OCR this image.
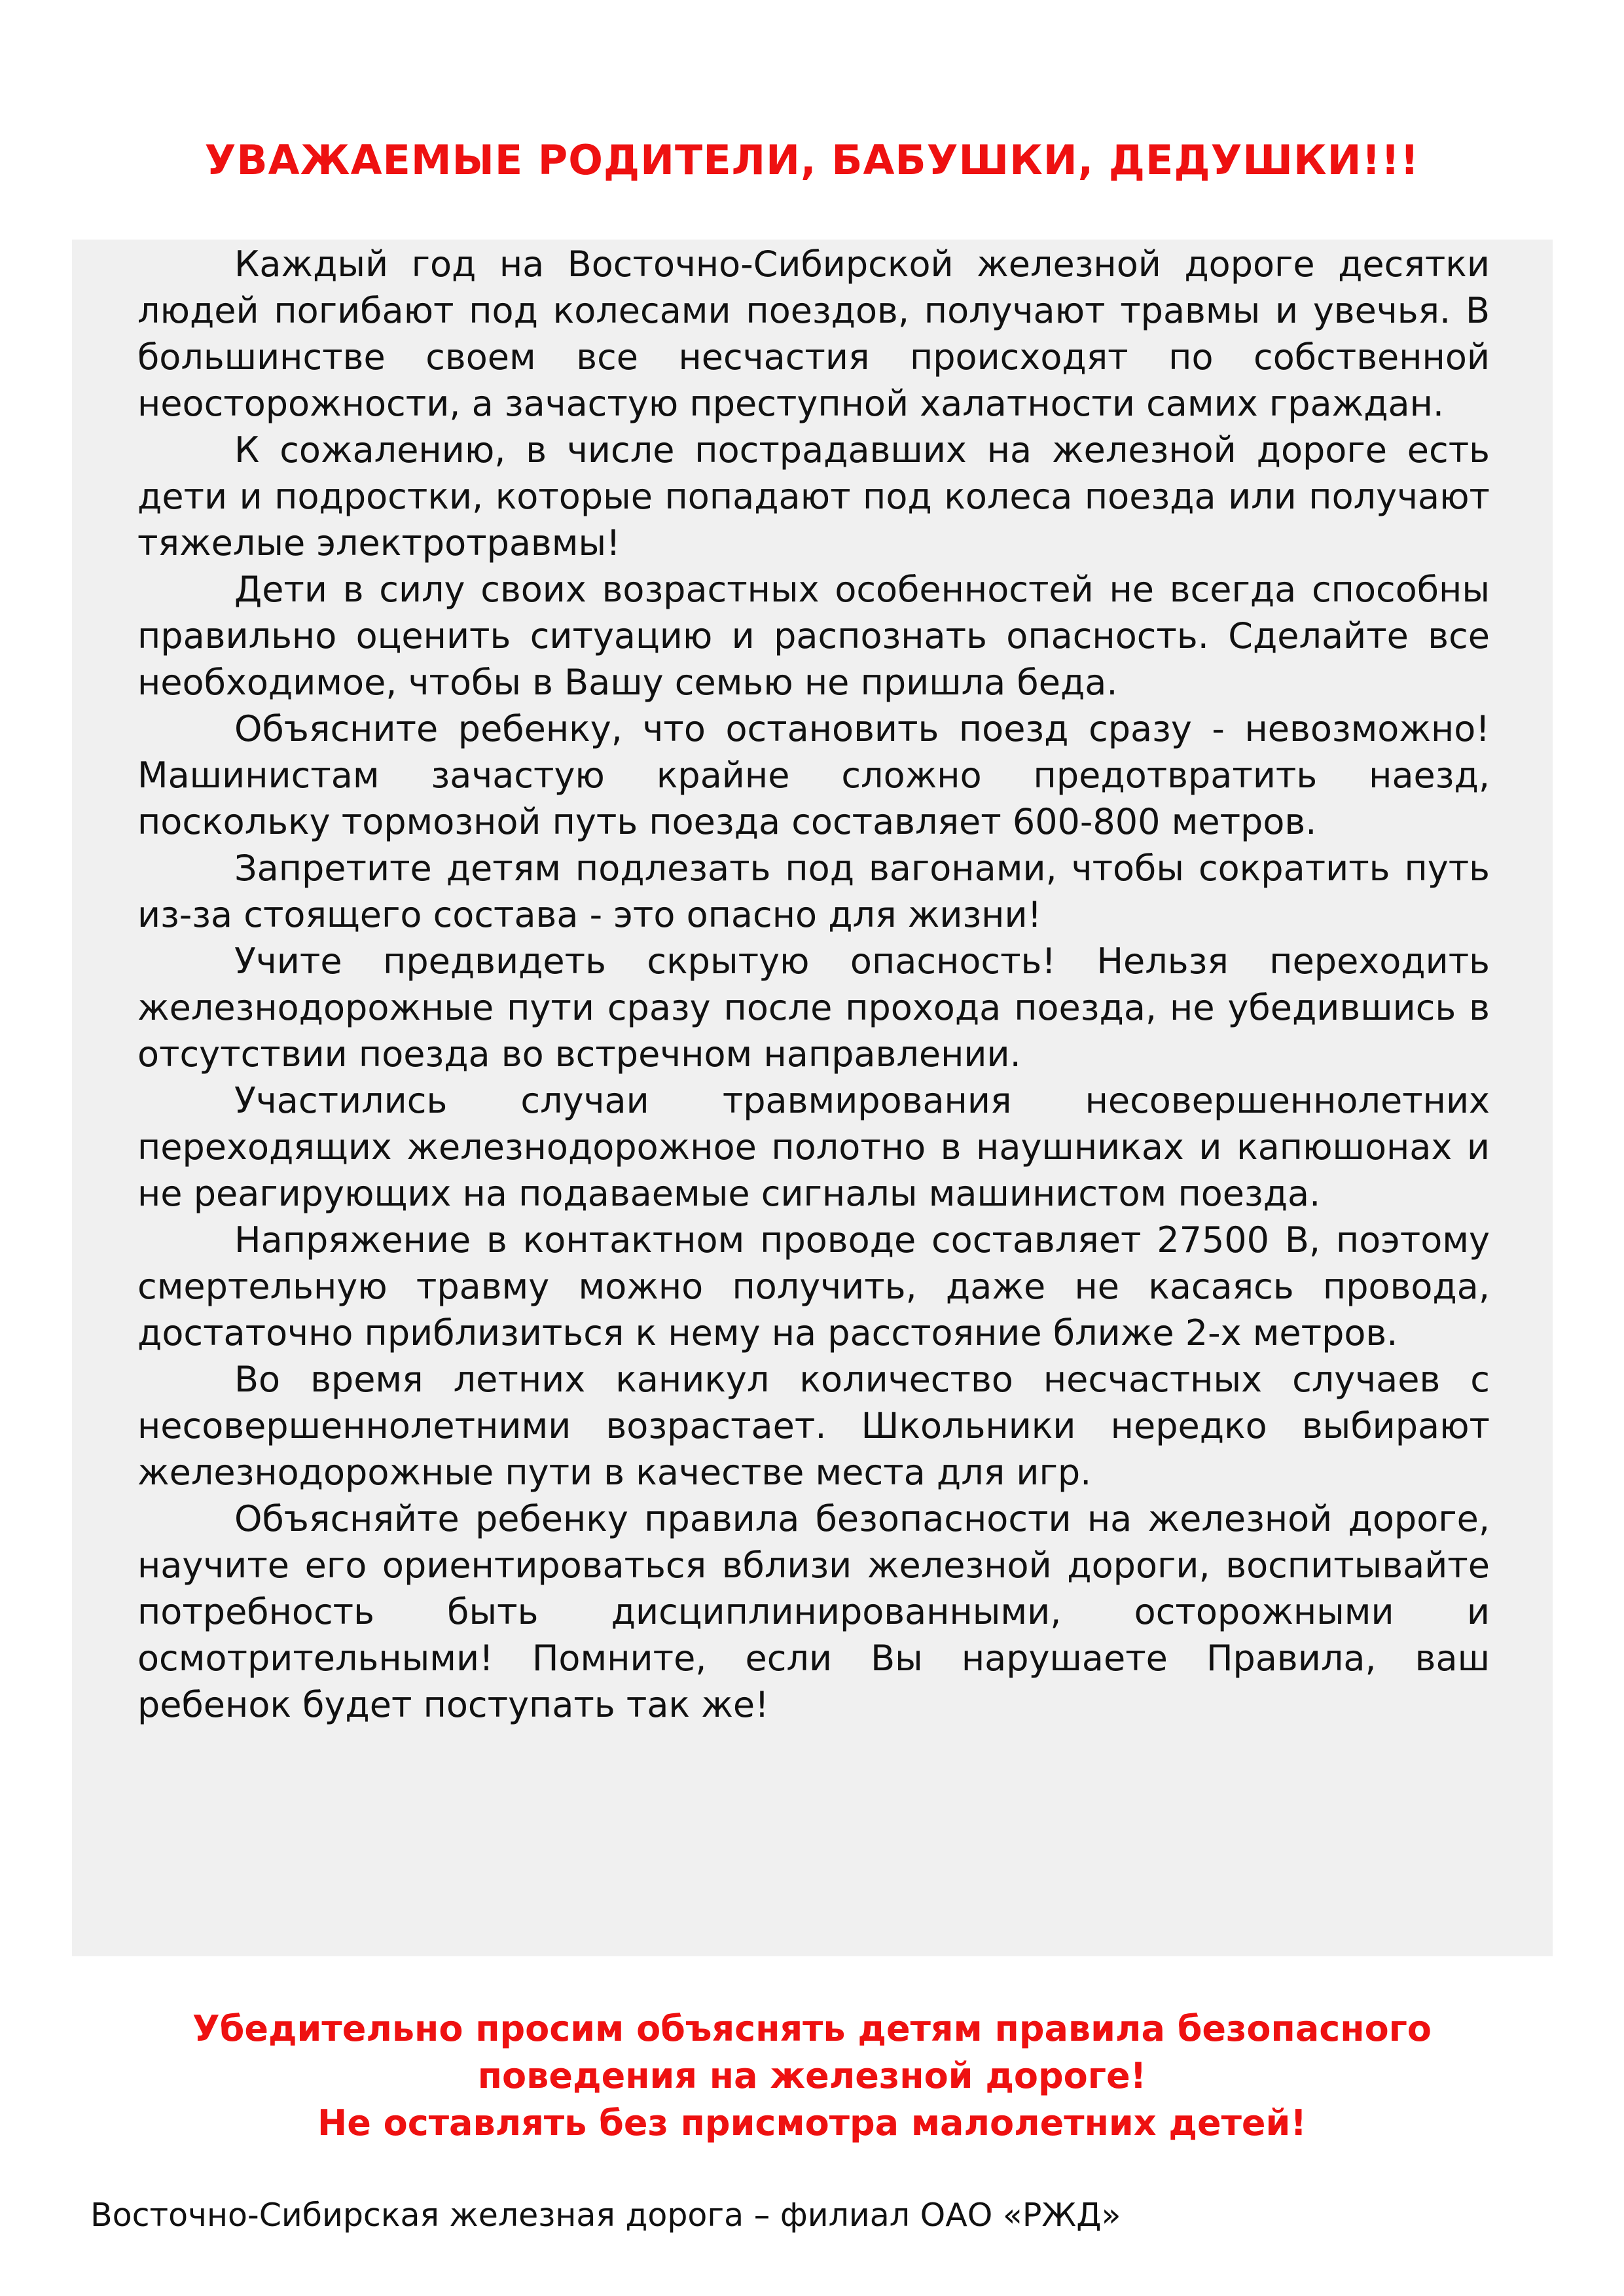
УВАЖАЕМЫЕ РОДИТЕЛИ, БАБУШКИ, ДЕДУШКИ!!!

Каждый год на Восточно-Сибирской железной дороге десятки людей погибают под колесами поездов, получают травмы и увечья. В большинстве своем все несчастия происходят по собственной неосторожности, а зачастую преступной халатности самих граждан.

К сожалению, в числе пострадавших на железной дороге есть дети и подростки, которые попадают под колеса поезда или получают тяжелые электротравмы!

Дети в силу своих возрастных особенностей не всегда способны правильно оценить ситуацию и распознать опасность. Сделайте все необходимое, чтобы в Вашу семью не пришла беда.

Объясните ребенку, что остановить поезд сразу - невозможно! Машинистам зачастую крайне сложно предотвратить наезд, поскольку тормозной путь поезда составляет 600-800 метров.

Запретите детям подлезать под вагонами, чтобы сократить путь из-за стоящего состава - это опасно для жизни!

Учите предвидеть скрытую опасность! Нельзя переходить железнодорожные пути сразу после прохода поезда, не убедившись в отсутствии поезда во встречном направлении.

Участились случаи травмирования несовершеннолетних переходящих железнодорожное полотно в наушниках и капюшонах и не реагирующих на подаваемые сигналы машинистом поезда.

Напряжение в контактном проводе составляет 27500 В, поэтому смертельную травму можно получить, даже не касаясь провода, достаточно приблизиться к нему на расстояние ближе 2-х метров.

Во время летних каникул количество несчастных случаев с несовершеннолетними возрастает. Школьники нередко выбирают железнодорожные пути в качестве места для игр.

Объясняйте ребенку правила безопасности на железной дороге, научите его ориентироваться вблизи железной дороги, воспитывайте потребность быть дисциплинированными, осторожными и осмотрительными! Помните, если Вы нарушаете Правила, ваш ребенок будет поступать так же!

Убедительно просим объяснять детям правила безопасного
поведения на железной дороге!
Не оставлять без присмотра малолетних детей!
Восточно-Сибирская железная дорога – филиал ОАО «РЖД»
